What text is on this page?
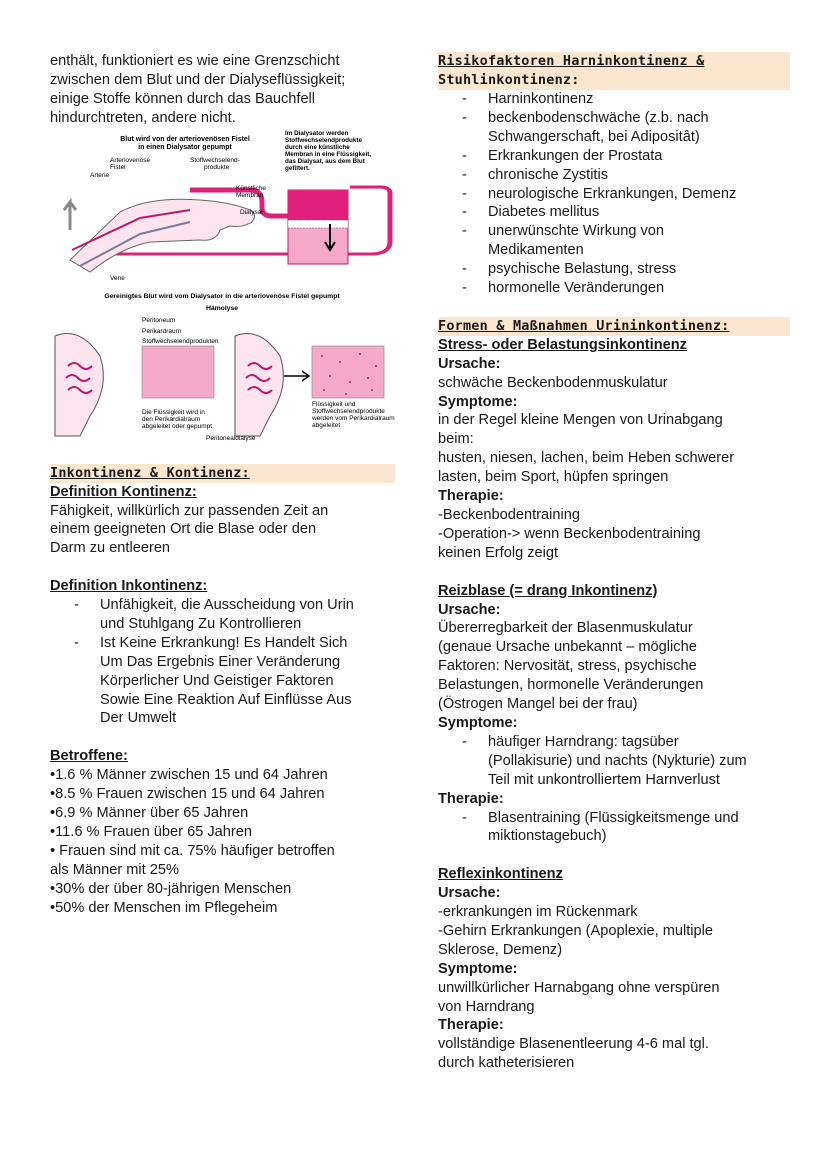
enthält, funktioniert es wie eine Grenzschicht

zwischen dem Blut und der Dialyseflüssigkeit;

einige Stoffe können durch das Bauchfell

hindurchtreten, andere nicht.

Blut wird von der arteriovenösen Fistel
in einen Dialysator gepumpt
Im Dialysator werden
Stoffwechselendprodukte
durch eine künstliche
Membran in eine Flüssigkeit,
das Dialysat, aus dem Blut
gefiltert.
Arteriovenöse
Fistel
Stoffwechselend-
produkte
Arterie
Künstliche
Membran
Dialysat
Vene
Gereinigtes Blut wird vom Dialysator in die arteriovenöse Fistel gepumpt
Hämolyse
Peritoneum
Perikardraum
Stoffwechselendprodukten
Die Flüssigkeit wird in
den Perikardialraum
abgeleitet oder gepumpt.
Flüssigkeit und
Stoffwechselendprodukte
werden vom Perikardialraum
abgeleitet
Peritonealdialyse
Inkontinenz & Kontinenz:

Definition Kontinenz:

Fähigkeit, willkürlich zur passenden Zeit an

einem geeigneten Ort die Blase oder den

Darm zu entleeren

Definition Inkontinenz:

- Unfähigkeit, die Ausscheidung von Urin
und Stuhlgang Zu Kontrollieren
- Ist Keine Erkrankung! Es Handelt Sich
Um Das Ergebnis Einer Veränderung
Körperlicher Und Geistiger Faktoren
Sowie Eine Reaktion Auf Einflüsse Aus
Der Umwelt

Betroffene:

•1.6 % Männer zwischen 15 und 64 Jahren

•8.5 % Frauen zwischen 15 und 64 Jahren

•6.9 % Männer über 65 Jahren

•11.6 % Frauen über 65 Jahren

• Frauen sind mit ca. 75% häufiger betroffen

als Männer mit 25%

•30% der über 80-jährigen Menschen

•50% der Menschen im Pflegeheim

Risikofaktoren Harninkontinenz &
Stuhlinkontinenz:
- Harninkontinenz
- beckenbodenschwäche (z.b. nach
Schwangerschaft, bei Adipositât)
- Erkrankungen der Prostata
- chronische Zystitis
- neurologische Erkrankungen, Demenz
- Diabetes mellitus
- unerwünschte Wirkung von
Medikamenten
- psychische Belastung, stress
- hormonelle Veränderungen
Formen & Maßnahmen Urininkontinenz:

Stress- oder Belastungsinkontinenz

Ursache:

schwäche Beckenbodenmuskulatur

Symptome:

in der Regel kleine Mengen von Urinabgang

beim:

husten, niesen, lachen, beim Heben schwerer

lasten, beim Sport, hüpfen springen

Therapie:

-Beckenbodentraining

-Operation-> wenn Beckenbodentraining

keinen Erfolg zeigt

Reizblase (= drang Inkontinenz)

Ursache:

Übererregbarkeit der Blasenmuskulatur

(genaue Ursache unbekannt – mögliche

Faktoren: Nervosität, stress, psychische

Belastungen, hormonelle Veränderungen

(Östrogen Mangel bei der frau)

Symptome:

- häufiger Harndrang: tagsüber
(Pollakisurie) und nachts (Nykturie) zum
Teil mit unkontrolliertem Harnverlust

Therapie:

- Blasentraining (Flüssigkeitsmenge und
miktionstagebuch)

Reflexinkontinenz

Ursache:

-erkrankungen im Rückenmark

-Gehirn Erkrankungen (Apoplexie, multiple

Sklerose, Demenz)

Symptome:

unwillkürlicher Harnabgang ohne verspüren

von Harndrang

Therapie:

vollständige Blasenentleerung 4-6 mal tgl.

durch katheterisieren
